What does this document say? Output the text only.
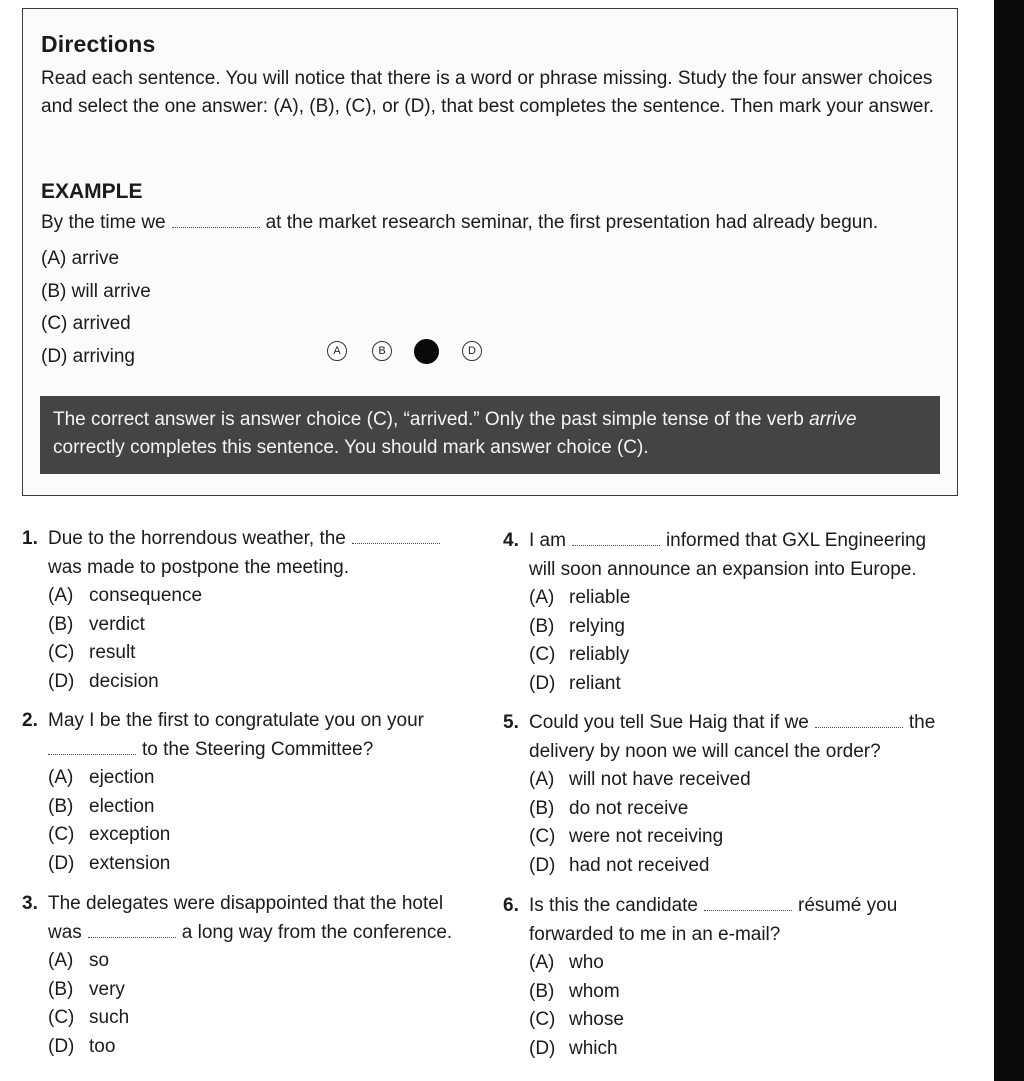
Directions
Read each sentence. You will notice that there is a word or phrase missing. Study the four answer choices and select the one answer: (A), (B), (C), or (D), that best completes the sentence. Then mark your answer.
EXAMPLE
By the time we	at the market research seminar, the first presentation had already begun.
(A) arrive
(B) will arrive
(C) arrived
(D) arriving	A	B	D
The correct answer is answer choice (C), “arrived.” Only the past simple tense of the verb arrive correctly completes this sentence. You should mark answer choice (C).
1. Due to the horrendous weather, the
was made to postpone the meeting.
(A) consequence
(B) verdict
(C) result
(D) decision
2. May I be the first to congratulate you on your
to the Steering Committee?
(A) ejection
(B) election
(C) exception
(D) extension
3. The delegates were disappointed that the hotel
was	a long way from the conference.
(A) so
(B) very
(C) such
(D) too
4. I am	informed that GXL Engineering
will soon announce an expansion into Europe.
(A) reliable
(B) relying
(C) reliably
(D) reliant
5. Could you tell Sue Haig that if we	the
delivery by noon we will cancel the order?
(A) will not have received
(B) do not receive
(C) were not receiving
(D) had not received
6. Is this the candidate	résumé you
forwarded to me in an e-mail?
(A) who
(B) whom
(C) whose
(D) which
